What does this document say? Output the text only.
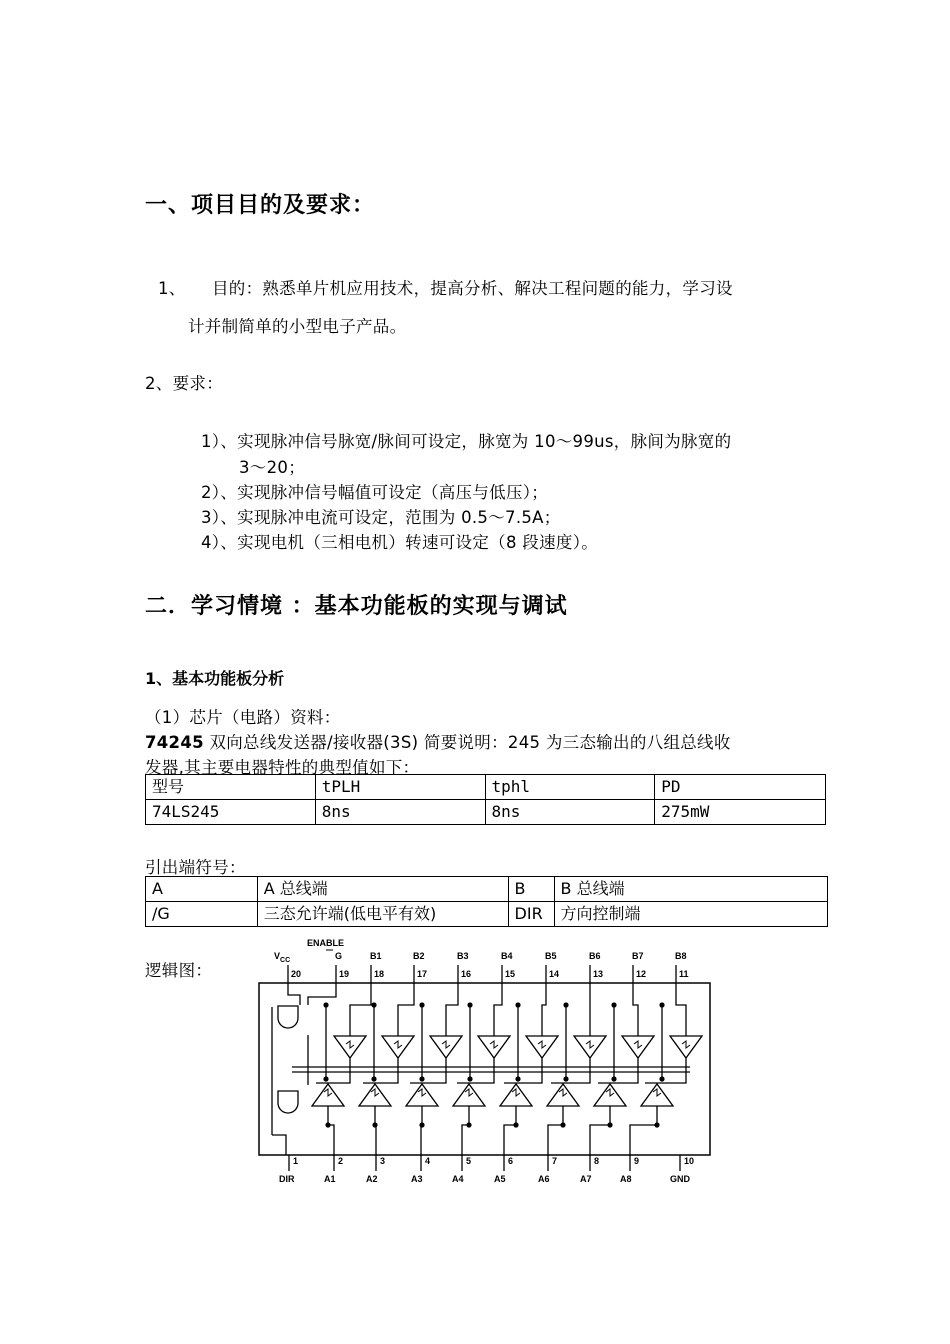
一、项目目的及要求：
1、 目的：熟悉单片机应用技术，提高分析、解决工程问题的能力，学习设
计并制简单的小型电子产品。
2、要求：
1）、实现脉冲信号脉宽/脉间可设定，脉宽为 10～99us，脉间为脉宽的
3～20；
2）、实现脉冲信号幅值可设定（高压与低压）；
3）、实现脉冲电流可设定，范围为 0.5～7.5A；
4）、实现电机（三相电机）转速可设定（8 段速度）。
二．学习情境 ：基本功能板的实现与调试
1、基本功能板分析
（1）芯片（电路）资料：
74245 双向总线发送器/接收器(3S) 简要说明：245 为三态输出的八组总线收
发器,其主要电器特性的典型值如下：
型号	tPLH	tphl	PD
74LS245	8ns	8ns	275mW
引出端符号：
A	A 总线端	B	B 总线端
/G	三态允许端(低电平有效)	DIR	方向控制端
逻辑图：
ENABLE
$V_{CC}$	G	B1	B2	B3	B4	B5	B6	B7	B8
20	19	18	17	16	15	14	13	12	11
1	2	3	4	5	6	7	8	9	10
DIR	A1	A2	A3	A4	A5	A6	A7	A8	GND
